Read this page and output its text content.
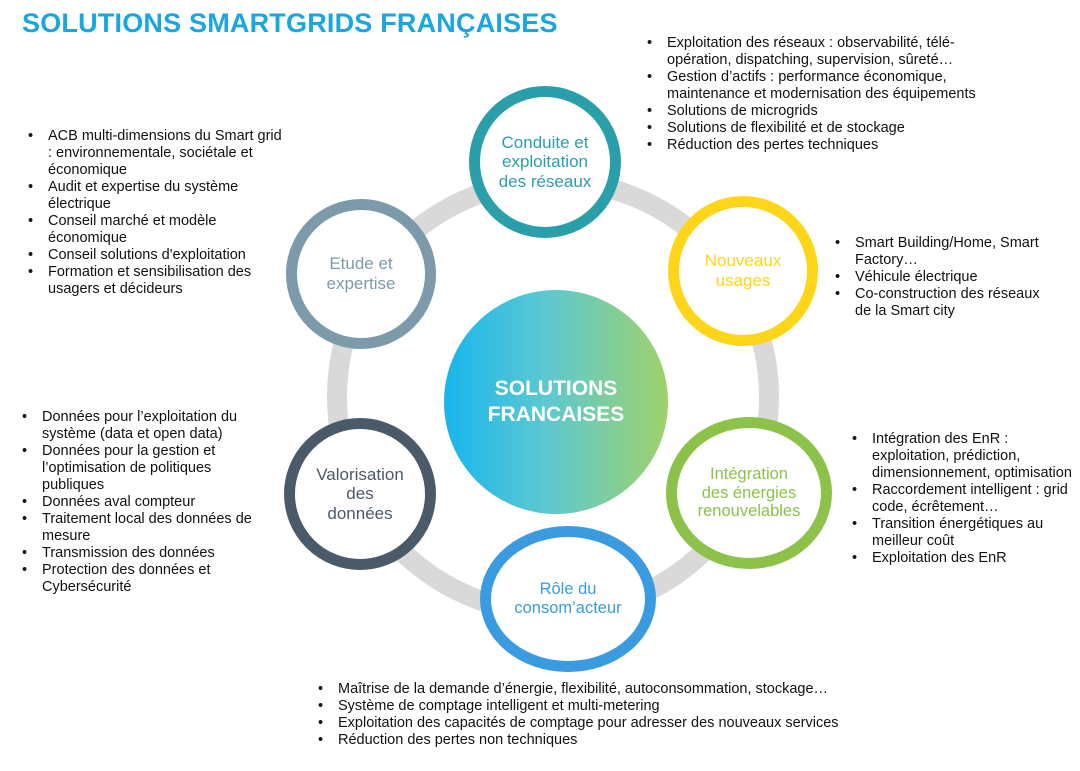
SOLUTIONS SMARTGRIDS FRANÇAISES
SOLUTIONS
FRANCAISES
Conduite et
exploitation
des réseaux
Nouveaux
usages
Intégration
des énergies
renouvelables
Rôle du
consom’acteur
Valorisation
des
données
Etude et
expertise
• Exploitation des réseaux : observabilité, télé-opération, dispatching, supervision, sûreté…
• Gestion d’actifs : performance économique, maintenance et modernisation des équipements
• Solutions de microgrids
• Solutions de flexibilité et de stockage
• Réduction des pertes techniques
• Smart Building/Home, Smart Factory…
• Véhicule électrique
• Co-construction des réseaux de la Smart city
• Intégration des EnR : exploitation, prédiction, dimensionnement, optimisation
• Raccordement intelligent : grid code, écrêtement…
• Transition énergétiques au meilleur coût
• Exploitation des EnR
• Maîtrise de la demande d’énergie, flexibilité, autoconsommation, stockage…
• Système de comptage intelligent et multi-metering
• Exploitation des capacités de comptage pour adresser des nouveaux services
• Réduction des pertes non techniques
• Données pour l’exploitation du système (data et open data)
• Données pour la gestion et l’optimisation de politiques publiques
• Données aval compteur
• Traitement local des données de mesure
• Transmission des données
• Protection des données et Cybersécurité
• ACB multi-dimensions du Smart grid : environnementale, sociétale et économique
• Audit et expertise du système électrique
• Conseil marché et modèle économique
• Conseil solutions d'exploitation
• Formation et sensibilisation des usagers et décideurs
